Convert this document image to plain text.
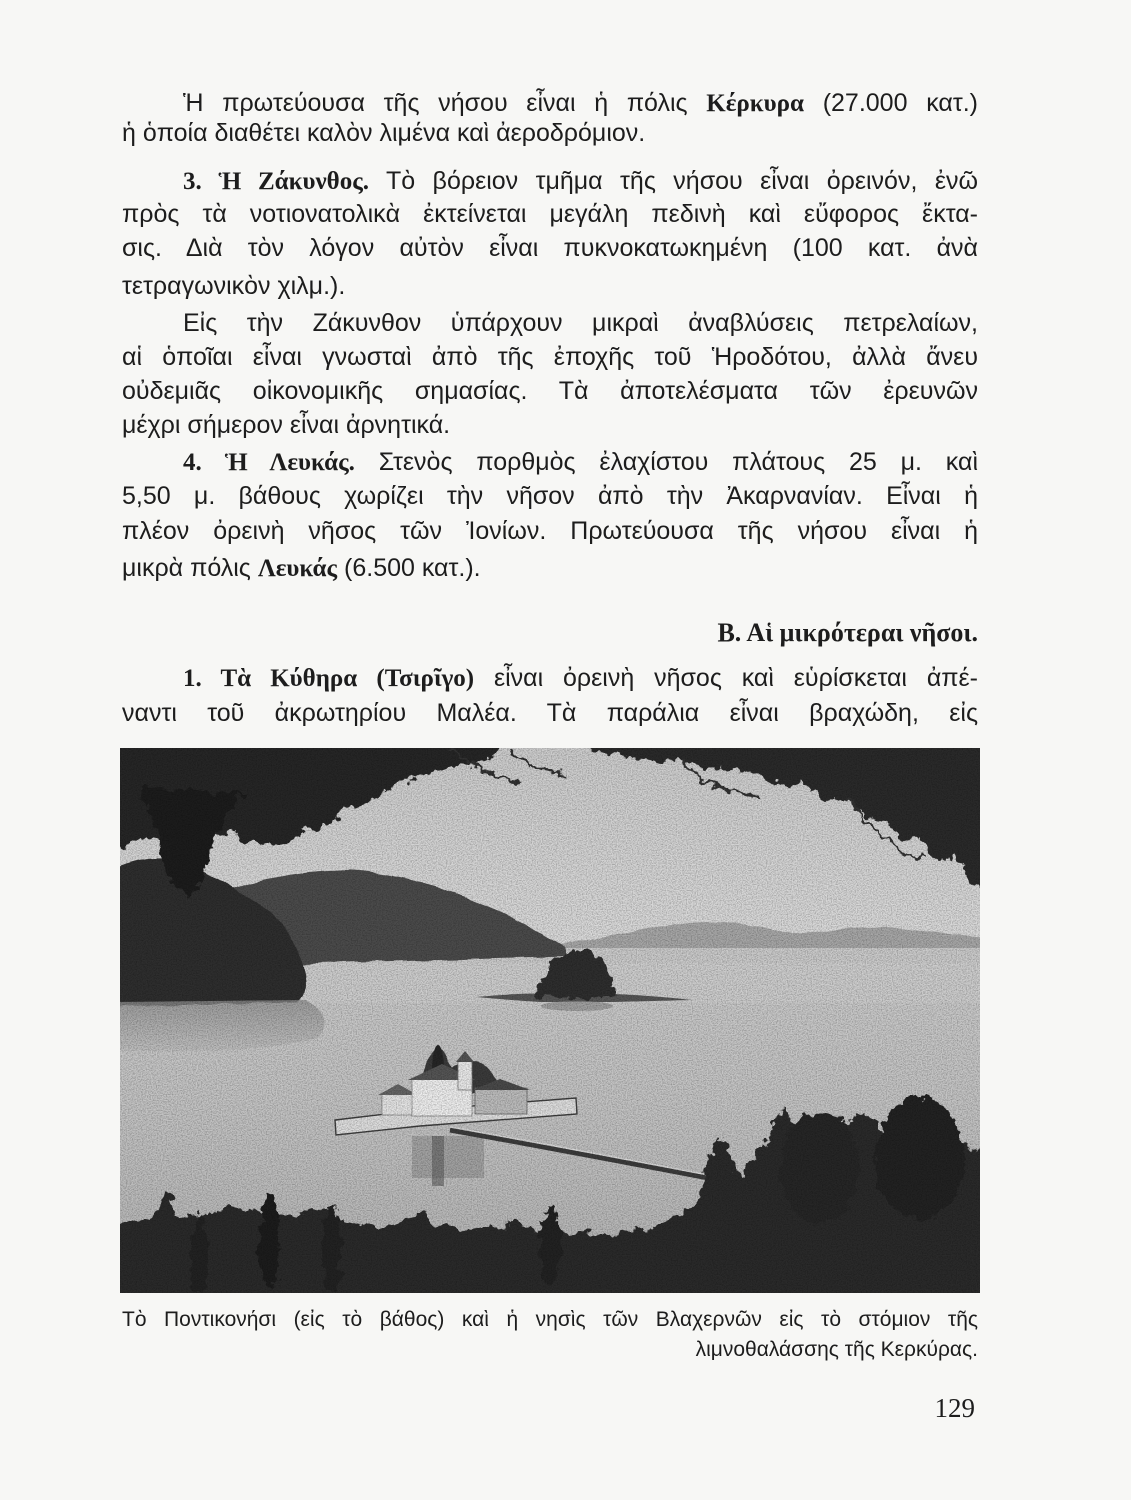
Ἡ πρωτεύουσα τῆς νήσου εἶναι ἡ πόλις Κέρκυρα (27.000 κατ.)
ἡ ὁποία διαθέτει καλὸν λιμένα καὶ ἀεροδρόμιον.
3. Ἡ Ζάκυνθος. Τὸ βόρειον τμῆμα τῆς νήσου εἶναι ὀρεινόν, ἐνῶ
πρὸς τὰ νοτιονατολικὰ ἐκτείνεται μεγάλη πεδινὴ καὶ εὔφορος ἔκτα-
σις. Διὰ τὸν λόγον αὐτὸν εἶναι πυκνοκατωκημένη (100 κατ. ἀνὰ
τετραγωνικὸν χιλμ.).
Εἰς τὴν Ζάκυνθον ὑπάρχουν μικραὶ ἀναβλύσεις πετρελαίων,
αἱ ὁποῖαι εἶναι γνωσταὶ ἀπὸ τῆς ἐποχῆς τοῦ Ἡροδότου, ἀλλὰ ἄνευ
οὐδεμιᾶς οἰκονομικῆς σημασίας. Τὰ ἀποτελέσματα τῶν ἐρευνῶν
μέχρι σήμερον εἶναι ἀρνητικά.
4. Ἡ Λευκάς. Στενὸς πορθμὸς ἐλαχίστου πλάτους 25 μ. καὶ
5,50 μ. βάθους χωρίζει τὴν νῆσον ἀπὸ τὴν Ἀκαρνανίαν. Εἶναι ἡ
πλέον ὀρεινὴ νῆσος τῶν Ἰονίων. Πρωτεύουσα τῆς νήσου εἶναι ἡ
μικρὰ πόλις Λευκάς (6.500 κατ.).
Β. Αἱ μικρότεραι νῆσοι.
1. Τὰ Κύθηρα (Τσιρῖγο) εἶναι ὀρεινὴ νῆσος καὶ εὑρίσκεται ἀπέ-
ναντι τοῦ ἀκρωτηρίου Μαλέα. Τὰ παράλια εἶναι βραχώδη, εἰς
Τὸ Ποντικονήσι (εἰς τὸ βάθος) καὶ ἡ νησὶς τῶν Βλαχερνῶν εἰς τὸ στόμιον τῆς
λιμνοθαλάσσης τῆς Κερκύρας.
129
